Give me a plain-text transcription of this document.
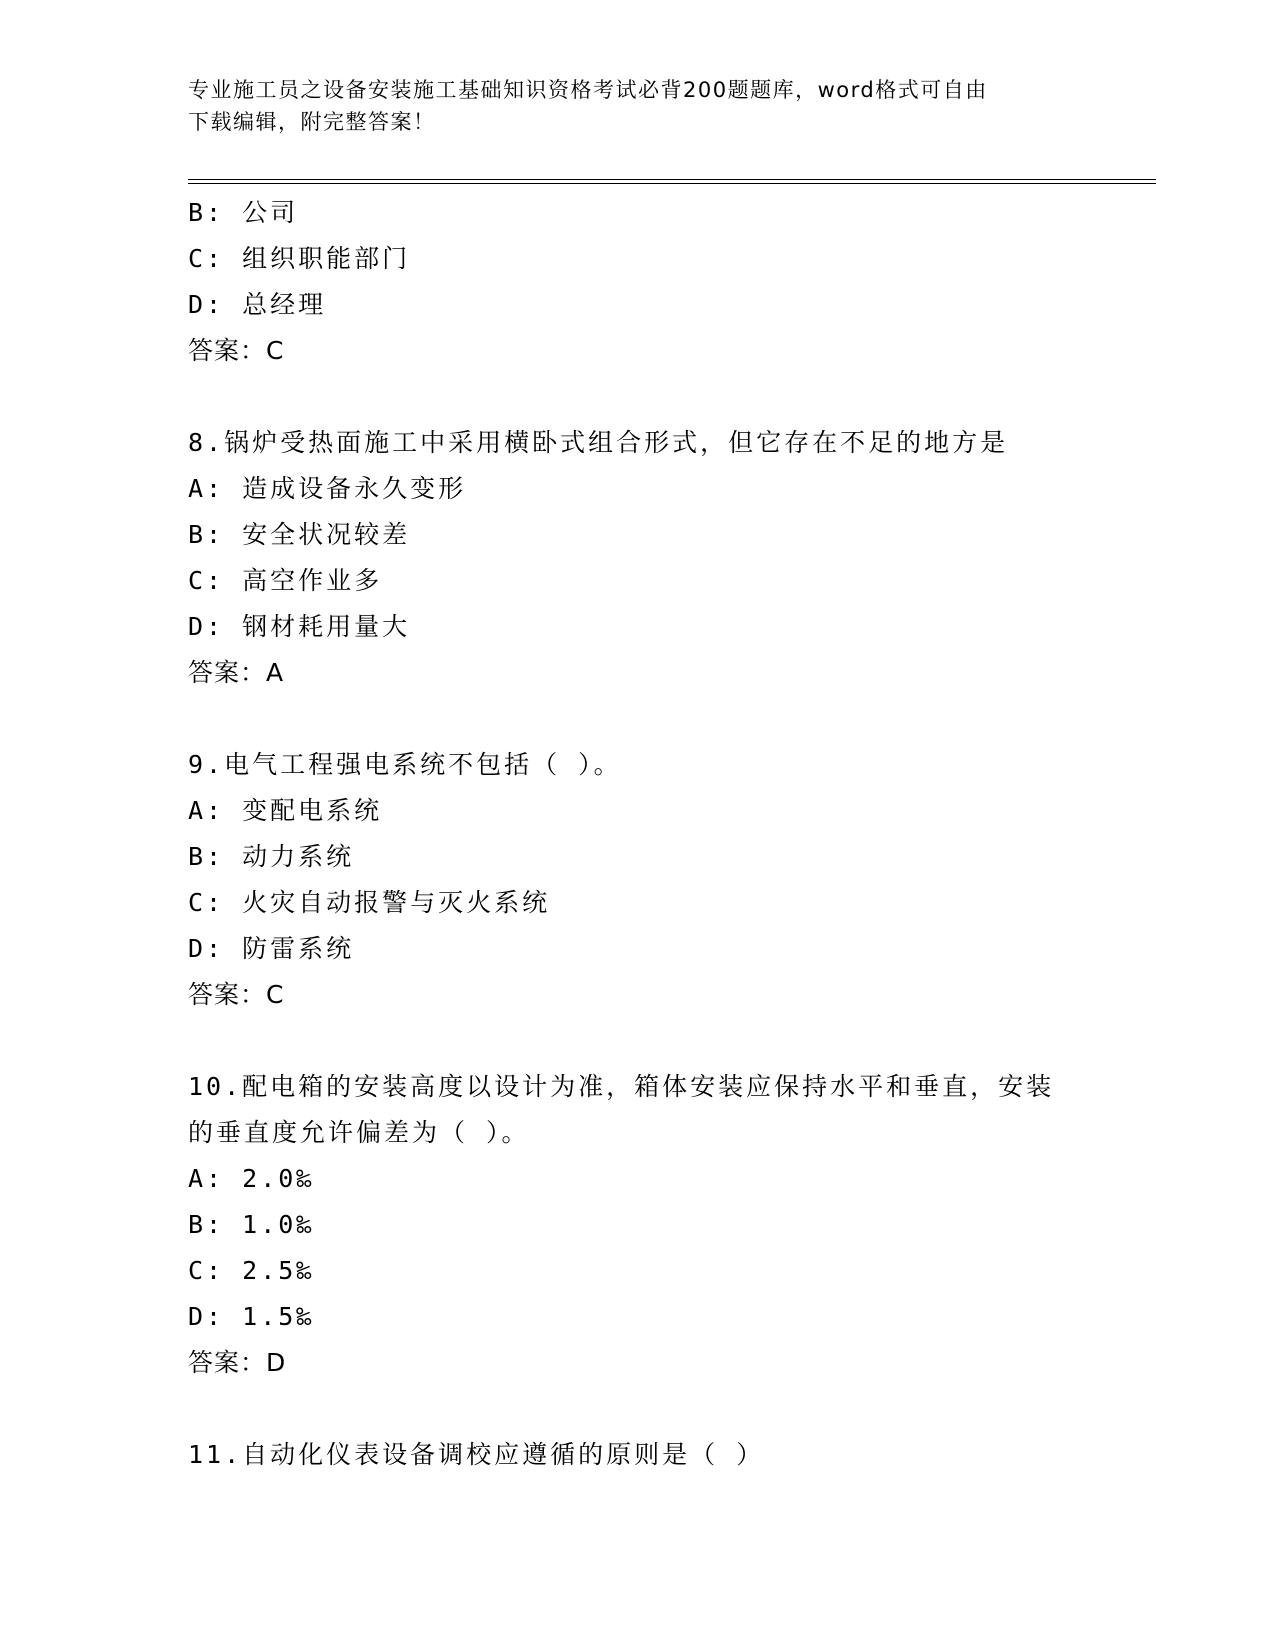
专业施工员之设备安装施工基础知识资格考试必背200题题库，word格式可自由
下载编辑，附完整答案！
B: 公司
C: 组织职能部门
D: 总经理
答案：C
8.锅炉受热面施工中采用横卧式组合形式，但它存在不足的地方是
A: 造成设备永久变形
B: 安全状况较差
C: 高空作业多
D: 钢材耗用量大
答案：A
9.电气工程强电系统不包括（ ）。
A: 变配电系统
B: 动力系统
C: 火灾自动报警与灭火系统
D: 防雷系统
答案：C
10.配电箱的安装高度以设计为准，箱体安装应保持水平和垂直，安装
的垂直度允许偏差为（ ）。
A: 2.0‰
B: 1.0‰
C: 2.5‰
D: 1.5‰
答案：D
11.自动化仪表设备调校应遵循的原则是（ ）
